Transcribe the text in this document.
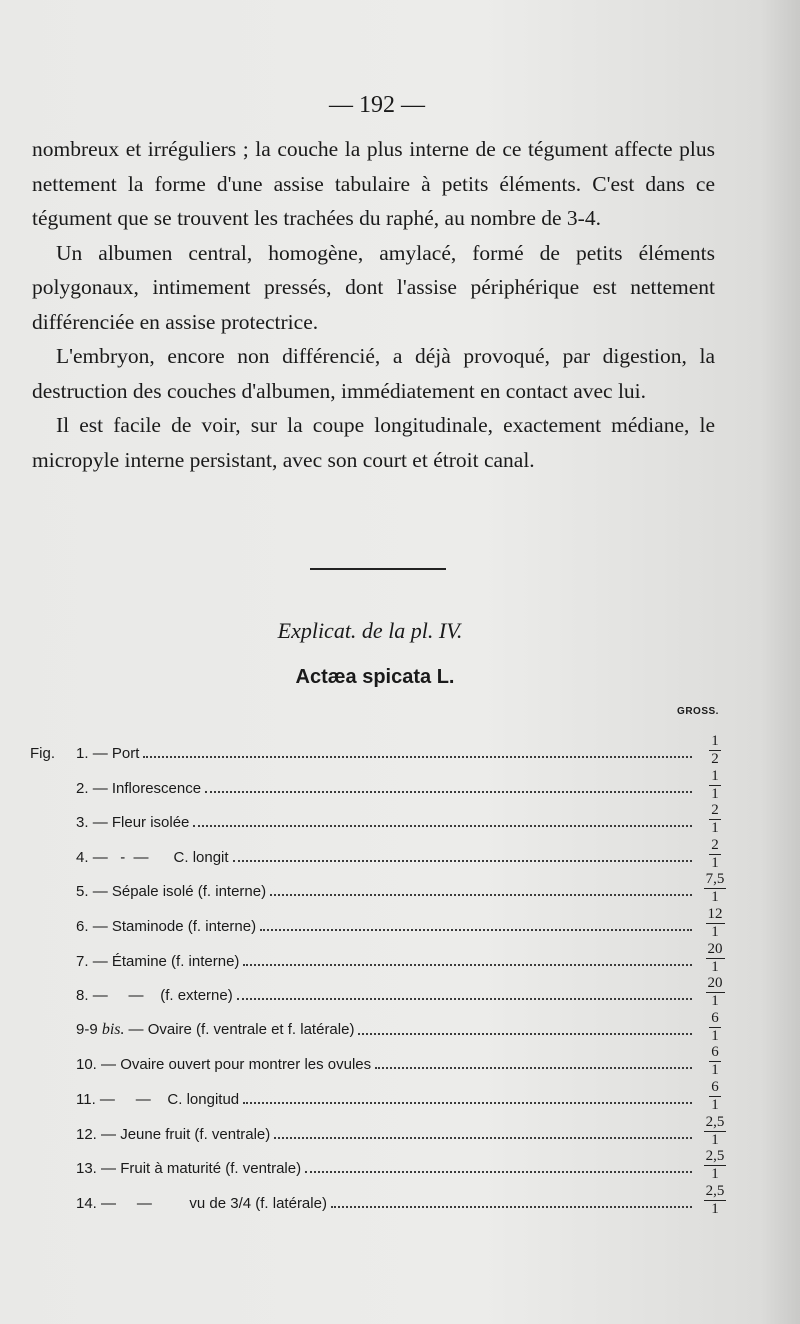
— 192 —

nombreux et irréguliers ; la couche la plus interne de ce tégument affecte plus nettement la forme d'une assise tabulaire à petits éléments. C'est dans ce tégument que se trouvent les trachées du raphé, au nombre de 3-4.

Un albumen central, homogène, amylacé, formé de petits éléments polygonaux, intimement pressés, dont l'assise périphérique est nettement différenciée en assise protectrice.

L'embryon, encore non différencié, a déjà provoqué, par digestion, la destruction des couches d'albumen, immédiatement en contact avec lui.

Il est facile de voir, sur la coupe longitudinale, exactement médiane, le micropyle interne persistant, avec son court et étroit canal.

Explicat. de la pl. IV.
Actæa spicata L.
GROSS.
Fig. 1. — Port	$\frac{1}{2}$
2. — Inflorescence	$\frac{1}{1}$
3. — Fleur isolée	$\frac{2}{1}$
4. —   -  —      C. longit	$\frac{2}{1}$
5. — Sépale isolé (f. interne)	$\frac{7,5}{1}$
6. — Staminode (f. interne)	$\frac{12}{1}$
7. — Étamine (f. interne)	$\frac{20}{1}$
8. —     —    (f. externe)	$\frac{20}{1}$
9-9 bis. — Ovaire (f. ventrale et f. latérale)	$\frac{6}{1}$
10. — Ovaire ouvert pour montrer les ovules	$\frac{6}{1}$
11. —     —    C. longitud	$\frac{6}{1}$
12. — Jeune fruit (f. ventrale)	$\frac{2,5}{1}$
13. — Fruit à maturité (f. ventrale)	$\frac{2,5}{1}$
14. —     —         vu de 3/4 (f. latérale)	$\frac{2,5}{1}$
